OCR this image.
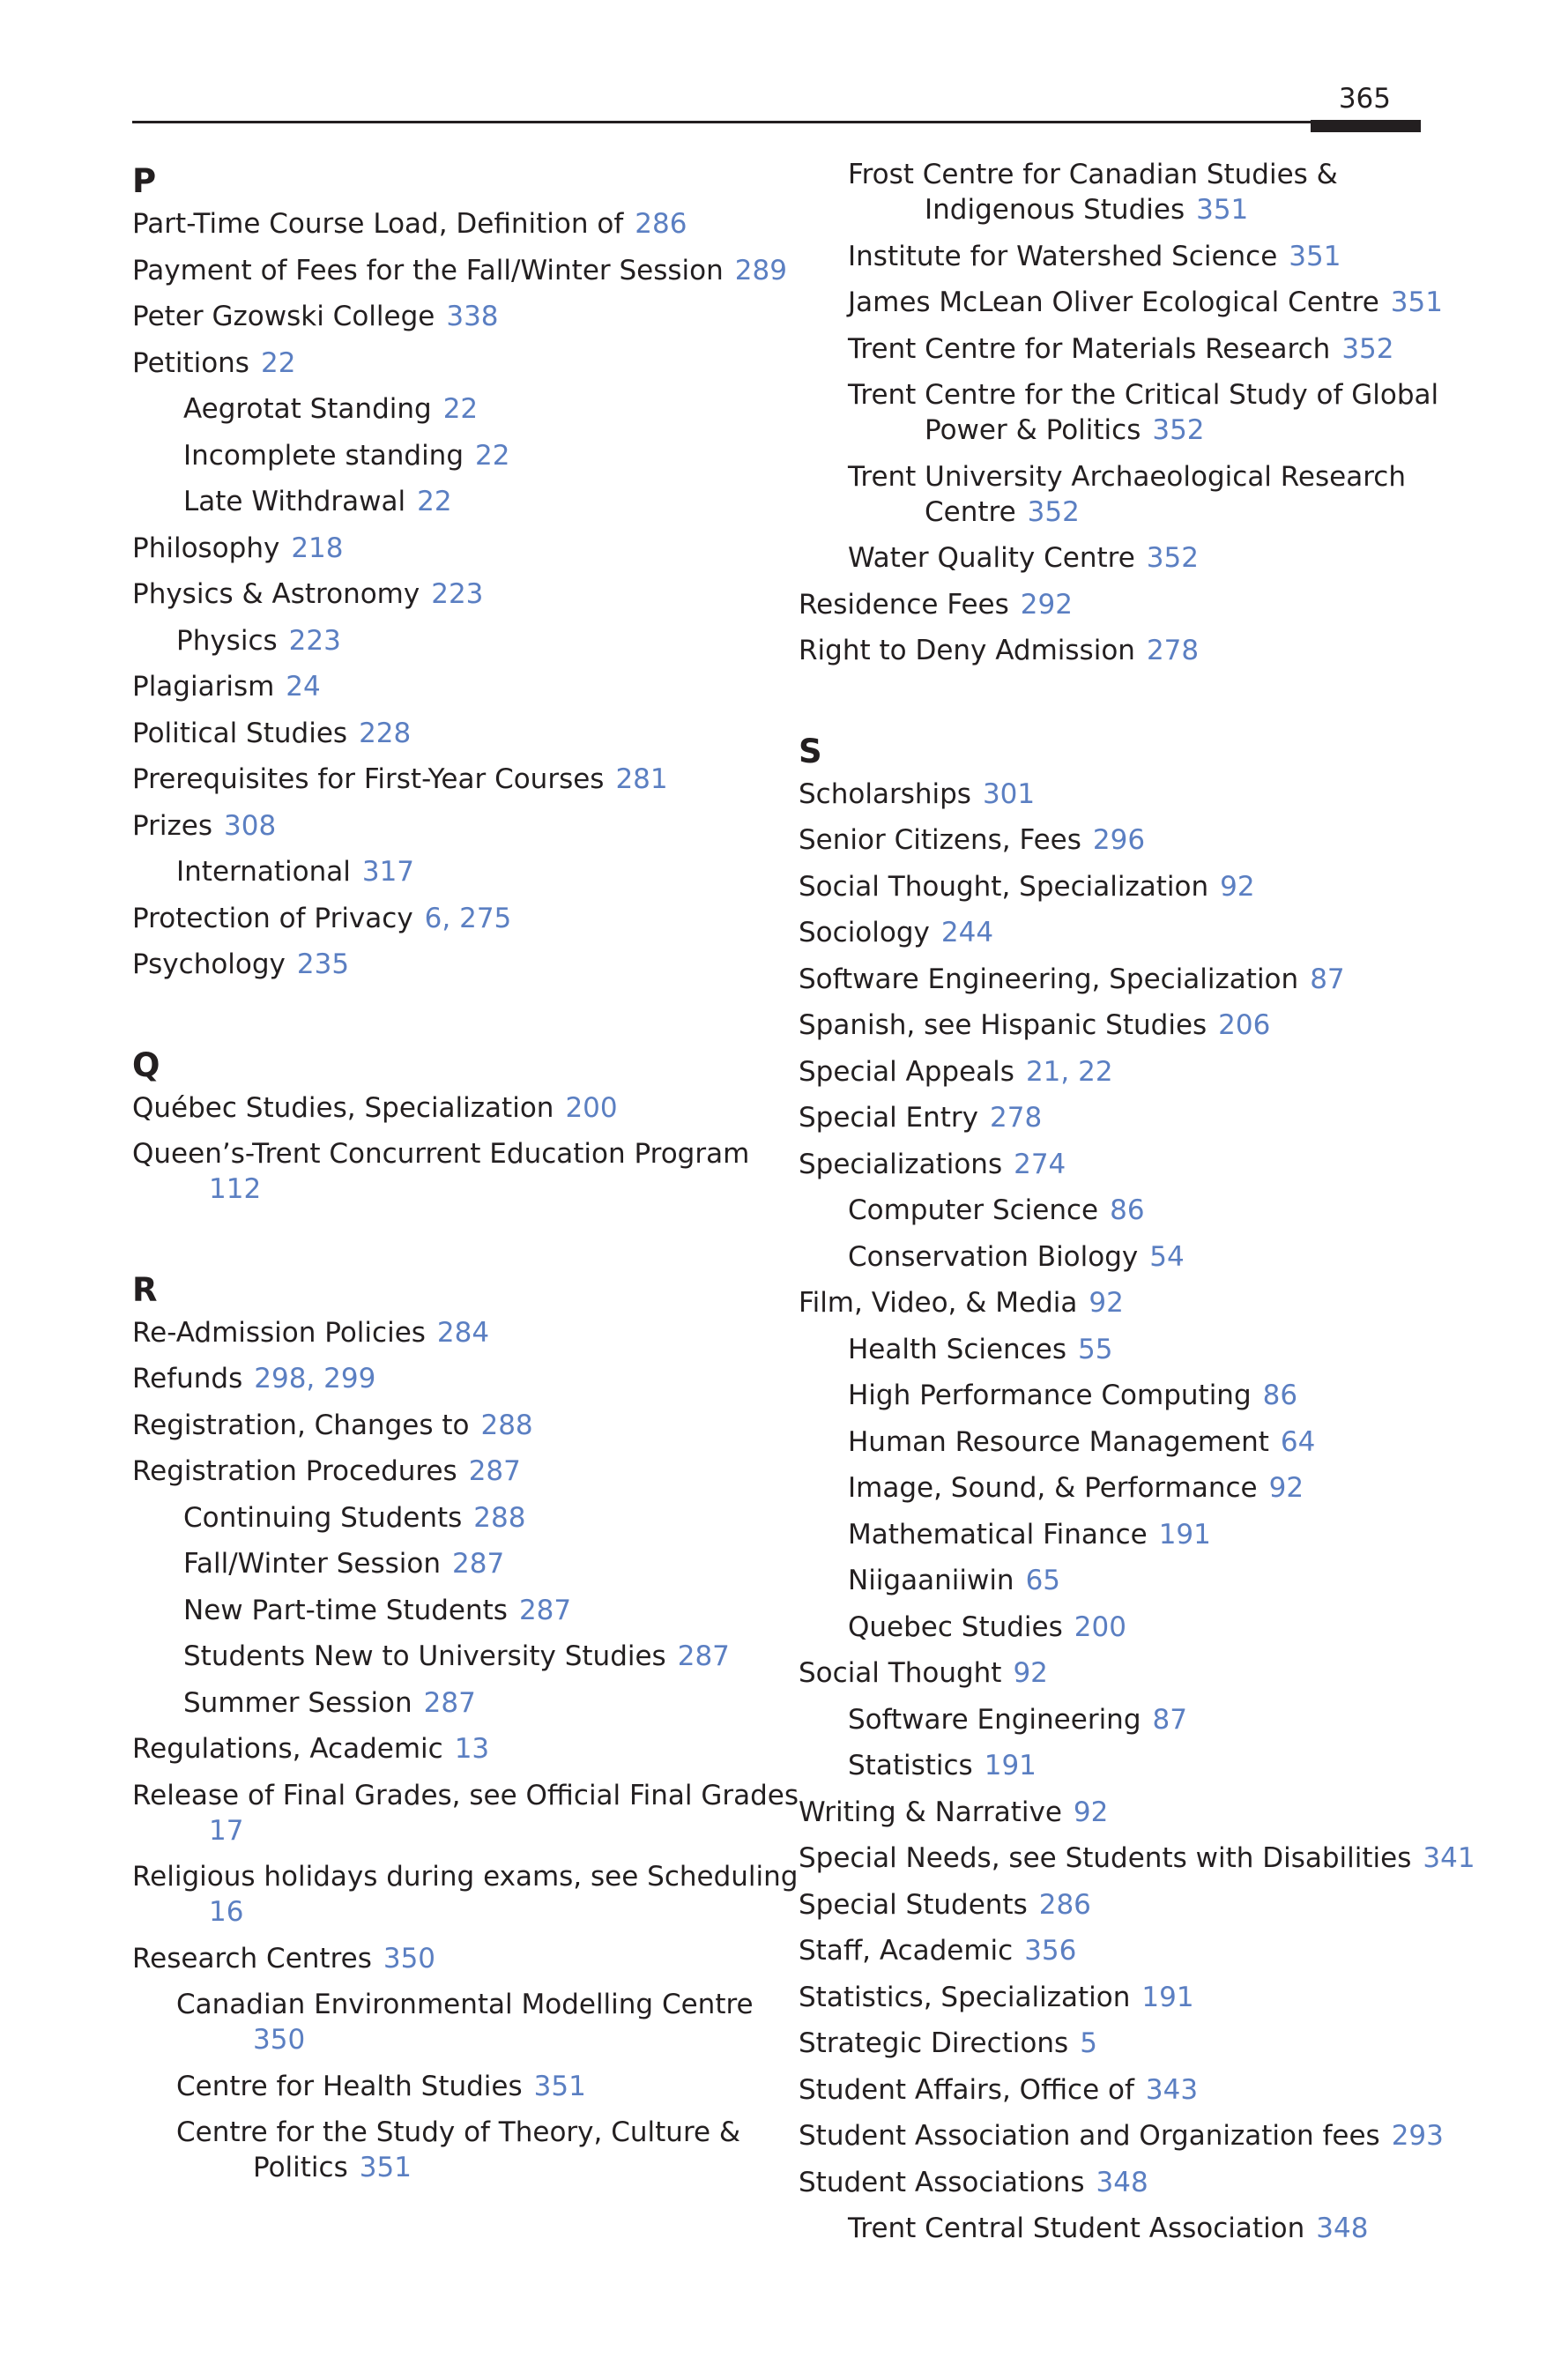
365
P
Part-Time Course Load, Definition of 286
Payment of Fees for the Fall/Winter Session 289
Peter Gzowski College 338
Petitions 22
Aegrotat Standing 22
Incomplete standing 22
Late Withdrawal 22
Philosophy 218
Physics & Astronomy 223
Physics 223
Plagiarism 24
Political Studies 228
Prerequisites for First-Year Courses 281
Prizes 308
International 317
Protection of Privacy 6, 275
Psychology 235
Q
Québec Studies, Specialization 200
Queen’s-Trent Concurrent Education Program
112
R
Re-Admission Policies 284
Refunds 298, 299
Registration, Changes to 288
Registration Procedures 287
Continuing Students 288
Fall/Winter Session 287
New Part-time Students 287
Students New to University Studies 287
Summer Session 287
Regulations, Academic 13
Release of Final Grades, see Official Final Grades
17
Religious holidays during exams, see Scheduling
16
Research Centres 350
Canadian Environmental Modelling Centre
350
Centre for Health Studies 351
Centre for the Study of Theory, Culture &
Politics 351
Frost Centre for Canadian Studies &
Indigenous Studies 351
Institute for Watershed Science 351
James McLean Oliver Ecological Centre 351
Trent Centre for Materials Research 352
Trent Centre for the Critical Study of Global
Power & Politics 352
Trent University Archaeological Research
Centre 352
Water Quality Centre 352
Residence Fees 292
Right to Deny Admission 278
S
Scholarships 301
Senior Citizens, Fees 296
Social Thought, Specialization 92
Sociology 244
Software Engineering, Specialization 87
Spanish, see Hispanic Studies 206
Special Appeals 21, 22
Special Entry 278
Specializations 274
Computer Science 86
Conservation Biology 54
Film, Video, & Media 92
Health Sciences 55
High Performance Computing 86
Human Resource Management 64
Image, Sound, & Performance 92
Mathematical Finance 191
Niigaaniiwin 65
Quebec Studies 200
Social Thought 92
Software Engineering 87
Statistics 191
Writing & Narrative 92
Special Needs, see Students with Disabilities 341
Special Students 286
Staff, Academic 356
Statistics, Specialization 191
Strategic Directions 5
Student Affairs, Office of 343
Student Association and Organization fees 293
Student Associations 348
Trent Central Student Association 348
